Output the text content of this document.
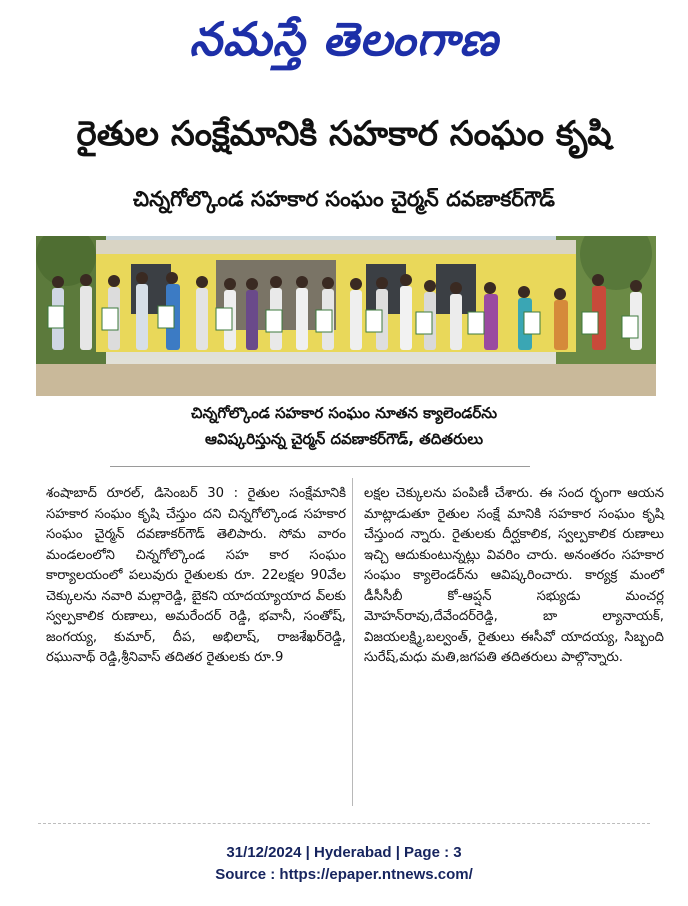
నమస్తే తెలంగాణ
రైతుల సంక్షేమానికి సహకార సంఘం కృషి
చిన్నగోల్కొండ సహకార సంఘం చైర్మన్ దవణాకర్‌గౌడ్
చిన్నగోల్కొండ సహకార సంఘం నూతన క్యాలెండర్‌ను
ఆవిష్కరిస్తున్న చైర్మన్ దవణాకర్‌గౌడ్, తదితరులు
శంషాబాద్ రూరల్, డిసెంబర్ 30 : రైతుల సంక్షేమానికి సహకార సంఘం కృషి చేస్తుం దని చిన్నగోల్కొండ సహకార సంఘం చైర్మన్ దవణాకర్‌గౌడ్ తెలిపారు. సోమ వారం మండలంలోని చిన్నగోల్కొండ సహ కార సంఘం కార్యాలయంలో పలువురు రైతులకు రూ. 22లక్షల 90వేల చెక్కులను నవారి మల్లారెడ్డి, బైకని యాదయ్యాయాద వ్‌లకు స్వల్పకాలిక రుణాలు, అమరేందర్ రెడ్డి, భవానీ, సంతోష్, జంగయ్య, కుమార్, దీప, అభిలాష్, రాజశేఖర్‌రెడ్డి, రఘునాథ్ రెడ్డి,శ్రీనివాస్ తదితర రైతులకు రూ.9
లక్షల చెక్కులను పంపిణీ చేశారు. ఈ సంద ర్భంగా ఆయన మాట్లాడుతూ రైతుల సంక్షే మానికి సహకార సంఘం కృషి చేస్తుంద న్నారు. రైతులకు దీర్ఘకాలిక, స్వల్పకాలిక రుణాలు ఇచ్చి ఆదుకుంటున్నట్లు వివరిం చారు. అనంతరం సహకార సంఘం క్యాలెండర్‌ను ఆవిష్కరించారు. కార్యక్ర మంలో డీసీసీబీ కో-ఆప్షన్ సభ్యుడు మంచర్ల మోహన్‌రావు,దేవేందర్‌రెడ్డి, బా ల్యానాయక్, విజయలక్ష్మి,బల్వంత్, రైతులు ఈసీవో యాదయ్య, సిబ్బంది సురేష్,మధు మతి,జగపతి తదితరులు పాల్గొన్నారు.
31/12/2024 | Hyderabad | Page : 3
Source : https://epaper.ntnews.com/
